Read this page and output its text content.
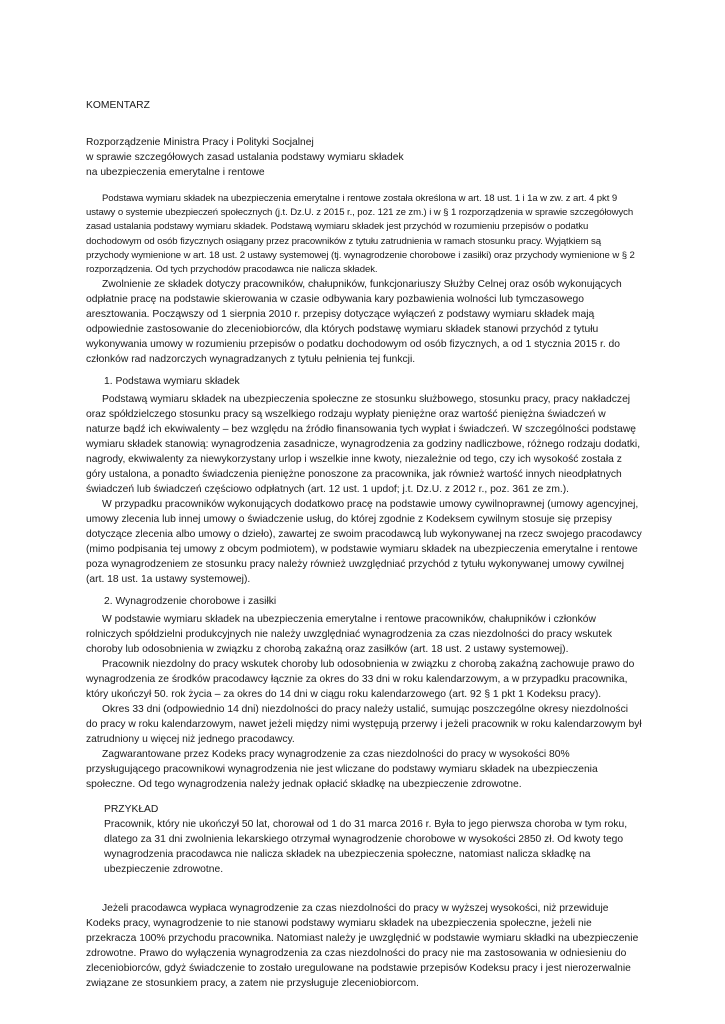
KOMENTARZ

Rozporządzenie Ministra Pracy i Polityki Socjalnej

w sprawie szczegółowych zasad ustalania podstawy wymiaru składek

na ubezpieczenia emerytalne i rentowe

Podstawa wymiaru składek na ubezpieczenia emerytalne i rentowe została określona w art. 18 ust. 1 i 1a w zw. z art. 4 pkt 9 ustawy o systemie ubezpieczeń społecznych (j.t. Dz.U. z 2015 r., poz. 121 ze zm.) i w § 1 rozporządzenia w sprawie szczegółowych zasad ustalania podstawy wymiaru składek. Podstawą wymiaru składek jest przychód w rozumieniu przepisów o podatku dochodowym od osób fizycznych osiągany przez pracowników z tytułu zatrudnienia w ramach stosunku pracy. Wyjątkiem są przychody wymienione w art. 18 ust. 2 ustawy systemowej (tj. wynagrodzenie chorobowe i zasiłki) oraz przychody wymienione w § 2 rozporządzenia. Od tych przychodów pracodawca nie nalicza składek.

Zwolnienie ze składek dotyczy pracowników, chałupników, funkcjonariuszy Służby Celnej oraz osób wykonujących odpłatnie pracę na podstawie skierowania w czasie odbywania kary pozbawienia wolności lub tymczasowego aresztowania. Począwszy od 1 sierpnia 2010 r. przepisy dotyczące wyłączeń z podstawy wymiaru składek mają odpowiednie zastosowanie do zleceniobiorców, dla których podstawę wymiaru składek stanowi przychód z tytułu wykonywania umowy w rozumieniu przepisów o podatku dochodowym od osób fizycznych, a od 1 stycznia 2015 r. do członków rad nadzorczych wynagradzanych z tytułu pełnienia tej funkcji.

1. Podstawa wymiaru składek

Podstawą wymiaru składek na ubezpieczenia społeczne ze stosunku służbowego, stosunku pracy, pracy nakładczej oraz spółdzielczego stosunku pracy są wszelkiego rodzaju wypłaty pieniężne oraz wartość pieniężna świadczeń w naturze bądź ich ekwiwalenty – bez względu na źródło finansowania tych wypłat i świadczeń. W szczególności podstawę wymiaru składek stanowią: wynagrodzenia zasadnicze, wynagrodzenia za godziny nadliczbowe, różnego rodzaju dodatki, nagrody, ekwiwalenty za niewykorzystany urlop i wszelkie inne kwoty, niezależnie od tego, czy ich wysokość została z góry ustalona, a ponadto świadczenia pieniężne ponoszone za pracownika, jak również wartość innych nieodpłatnych świadczeń lub świadczeń częściowo odpłatnych (art. 12 ust. 1 updof; j.t. Dz.U. z 2012 r., poz. 361 ze zm.).

W przypadku pracowników wykonujących dodatkowo pracę na podstawie umowy cywilnoprawnej (umowy agencyjnej, umowy zlecenia lub innej umowy o świadczenie usług, do której zgodnie z Kodeksem cywilnym stosuje się przepisy dotyczące zlecenia albo umowy o dzieło), zawartej ze swoim pracodawcą lub wykonywanej na rzecz swojego pracodawcy (mimo podpisania tej umowy z obcym podmiotem), w podstawie wymiaru składek na ubezpieczenia emerytalne i rentowe poza wynagrodzeniem ze stosunku pracy należy również uwzględniać przychód z tytułu wykonywanej umowy cywilnej (art. 18 ust. 1a ustawy systemowej).

2. Wynagrodzenie chorobowe i zasiłki

W podstawie wymiaru składek na ubezpieczenia emerytalne i rentowe pracowników, chałupników i członków rolniczych spółdzielni produkcyjnych nie należy uwzględniać wynagrodzenia za czas niezdolności do pracy wskutek choroby lub odosobnienia w związku z chorobą zakaźną oraz zasiłków (art. 18 ust. 2 ustawy systemowej).

Pracownik niezdolny do pracy wskutek choroby lub odosobnienia w związku z chorobą zakaźną zachowuje prawo do wynagrodzenia ze środków pracodawcy łącznie za okres do 33 dni w roku kalendarzowym, a w przypadku pracownika, który ukończył 50. rok życia – za okres do 14 dni w ciągu roku kalendarzowego (art. 92 § 1 pkt 1 Kodeksu pracy).

Okres 33 dni (odpowiednio 14 dni) niezdolności do pracy należy ustalić, sumując poszczególne okresy niezdolności do pracy w roku kalendarzowym, nawet jeżeli między nimi występują przerwy i jeżeli pracownik w roku kalendarzowym był zatrudniony u więcej niż jednego pracodawcy.

Zagwarantowane przez Kodeks pracy wynagrodzenie za czas niezdolności do pracy w wysokości 80% przysługującego pracownikowi wynagrodzenia nie jest wliczane do podstawy wymiaru składek na ubezpieczenia społeczne. Od tego wynagrodzenia należy jednak opłacić składkę na ubezpieczenie zdrowotne.

PRZYKŁAD

Pracownik, który nie ukończył 50 lat, chorował od 1 do 31 marca 2016 r. Była to jego pierwsza choroba w tym roku, dlatego za 31 dni zwolnienia lekarskiego otrzymał wynagrodzenie chorobowe w wysokości 2850 zł. Od kwoty tego wynagrodzenia pracodawca nie nalicza składek na ubezpieczenia społeczne, natomiast nalicza składkę na ubezpieczenie zdrowotne.

Jeżeli pracodawca wypłaca wynagrodzenie za czas niezdolności do pracy w wyższej wysokości, niż przewiduje Kodeks pracy, wynagrodzenie to nie stanowi podstawy wymiaru składek na ubezpieczenia społeczne, jeżeli nie przekracza 100% przychodu pracownika. Natomiast należy je uwzględnić w podstawie wymiaru składki na ubezpieczenie zdrowotne. Prawo do wyłączenia wynagrodzenia za czas niezdolności do pracy nie ma zastosowania w odniesieniu do zleceniobiorców, gdyż świadczenie to zostało uregulowane na podstawie przepisów Kodeksu pracy i jest nierozerwalnie związane ze stosunkiem pracy, a zatem nie przysługuje zleceniobiorcom.
